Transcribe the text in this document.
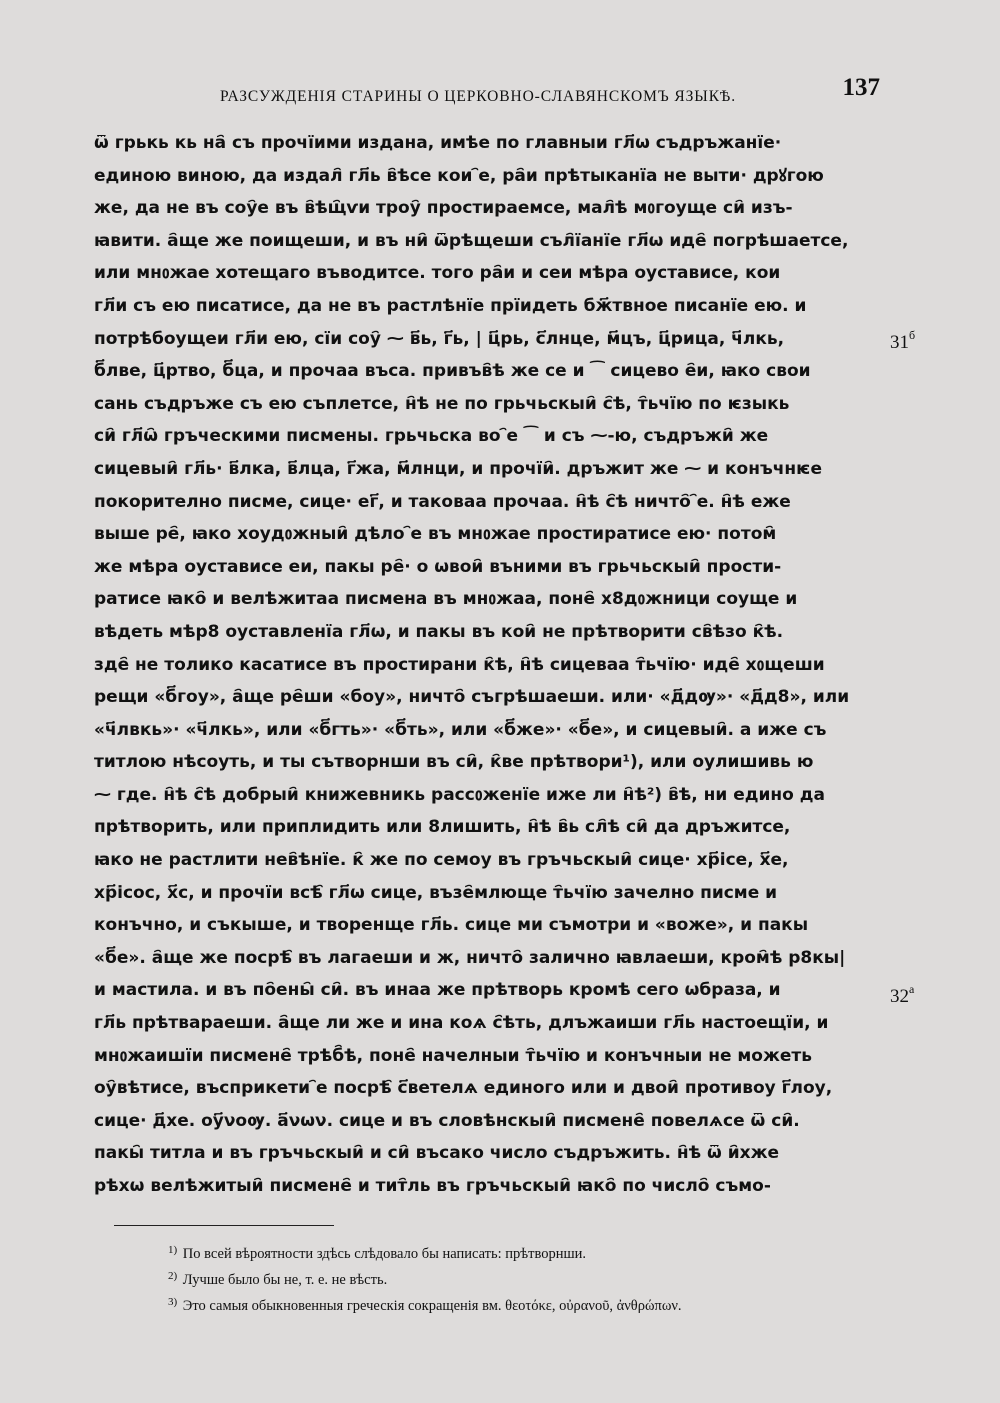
РАЗСУЖДЕНІЯ СТАРИНЫ О ЦЕРКОВНО-СЛАВЯНСКОМЪ ЯЗЫКѢ.	137
ѿ грькь кь на҄ съ прочїими издана, имѣе по главныи гл҃ѡ съдръжанїе·
единою виною, да издал҄ гл҃ь в҄ѣсе кои ҄е, ра҄и прѣтыканїа не выти· дрꙋгою
же, да не въ соу҄е въ в҄ѣщ҄ѵи троу҄ простираемсе, мал҄ѣ мᲂгоуще си҄ изъ-
ꙗвити. а҄ще же поищеши, и въ ни҄ ѿрѣщеши съл҄їанїе гл҃ѡ иде҄ погрѣшаетсе,
или мнᲂжае хотещаго въводитсе. того ра҄и и сеи мѣра оустависе, кои
гл҃и съ ею писатисе, да не въ растлѣнїе прїидеть бж҃твное писанїе ею. и
потрѣбоущеи гл҃и ею, сїи соу҄ ⁓ в҃ь, г҃ь, | ц҃рь, с҃лнце, м҃цъ, ц҃рица, ч҃лкь,
б҃лве, ц҃ртво, б҃ца, и прочаа въса. привъв҄ѣ же се и ⁀ сицево е҄и, ꙗко свои
сань съдръже съ ею съплетсе, н҄ѣ не по грьчьскыи҄ с҄ѣ, т҄ьчїю по ѥзыкь
си҄ гл҃ѡ҄ гръческими писмены. грьчьска во ҄е ⁀ и съ ⁓-ю, съдръжи҄ же
сицевыи҄ гл҃ь· в҃лка, в҃лца, г҃жа, м҃лнци, и прочїи҄. дръжит же ⁓ и конъчнѥе
покорително писме, сице· ег҃, и таковаа прочаа. н҄ѣ с҄ѣ ничто҄ ҄е. н҄ѣ еже
выше ре҄, ꙗко хоудᲂжныи҄ дѣло ҄е въ мнᲂжае простиратисе ею· потом҄
же мѣра оустависе еи, пакы ре҄· о ѡвои҄ въними въ грьчьскыи҄ прости-
ратисе ꙗко҄ и велѣжитаа писмена въ мнᲂжаа, поне҄ х8дᲂжници соуще и
вѣдеть мѣр8 оуставленїа гл҃ѡ, и пакы въ кои҄ не прѣтворити св҄ѣзо к҄ѣ.
зде҄ не толико касатисе въ простирани к҄ѣ, н҄ѣ сицеваа т҄ьчїю· иде҄ хᲂщеши
рещи «б҃гоу», а҄ще ре҄ши «боу», ничто҄ съгрѣшаеши. или· «д҃дѹ»· «д҃д8», или
«ч҃лвкь»· «ч҃лкь», или «б҃гть»· «б҃ть», или «б҃же»· «б҃е», и сицевыи҄. а иже съ
титлою нѣсоуть, и ты сътворнши въ си҄, к҄ве прѣтвори¹), или оулишивь ю
⁓ где. н҄ѣ с҄ѣ добрыи҄ книжевникь рассᲂженїе иже ли н҄ѣ²) в҄ѣ, ни едино да
прѣтворить, или приплидить или 8лишить, н҄ѣ в҄ь сл҄ѣ си҄ да дръжитсе,
ꙗко не растлити нев҄ѣнїе. к҄ же по семоу въ гръчьскыи҄ сице· хр҃ісе, х҃е,
хр҃ісос, х҃с, и прочїи всѣ҄ гл҃ѡ сице, възе҄млюще т҄ьчїю зачелно писме и
конъчно, и съкыше, и творенще гл҃ь. сице ми съмотри и «воже», и пакы
«б҃е». а҄ще же посрѣ҄ въ лагаеши и ж, ничто҄ залично ꙗвлаеши, кром҄ѣ р8кы|
и мастила. и въ по҄ены҄ си҄. въ инаа же прѣтворь кромѣ сего ѡбраза, и
гл҃ь прѣтвараеши. а҄ще ли же и ина коѧ с҄ѣть, длъжаиши гл҃ь настоещїи, и
мнᲂжаишїи писмене҄ трѣб҄ѣ, поне҄ начелныи т҄ьчїю и конъчныи не можеть
оу҄вѣтисе, въсприкети ҄е посрѣ҄ с҃ветелѧ единого или и двои҄ противоу г҃лоу,
сице· д҃хе. оу҃νоѹ. а҃νων. сице и въ словѣнскыи҄ писмене҄ повелѧсе ѿ си҄.
пакы҄ титла и въ гръчьскыи҄ и си҄ въсако число съдръжить. н҄ѣ ѿ и҄хже
рѣхѡ велѣжитыи҄ писмене҄ и тит҄ль въ гръчьскыи҄ ꙗко҄ по число҄ съмо-
$31^б$
$32^а$
$^{1)}$ По всей вѣроятности здѣсь слѣдовало бы написать: прѣтворнши.
$^{2)}$ Лучше было бы не, т. е. не вѣсть.
$^{3)}$ Это самыя обыкновенныя греческія сокращенія вм. θεοτόκε, οὐρανοῦ, ἀνθρώπων.
